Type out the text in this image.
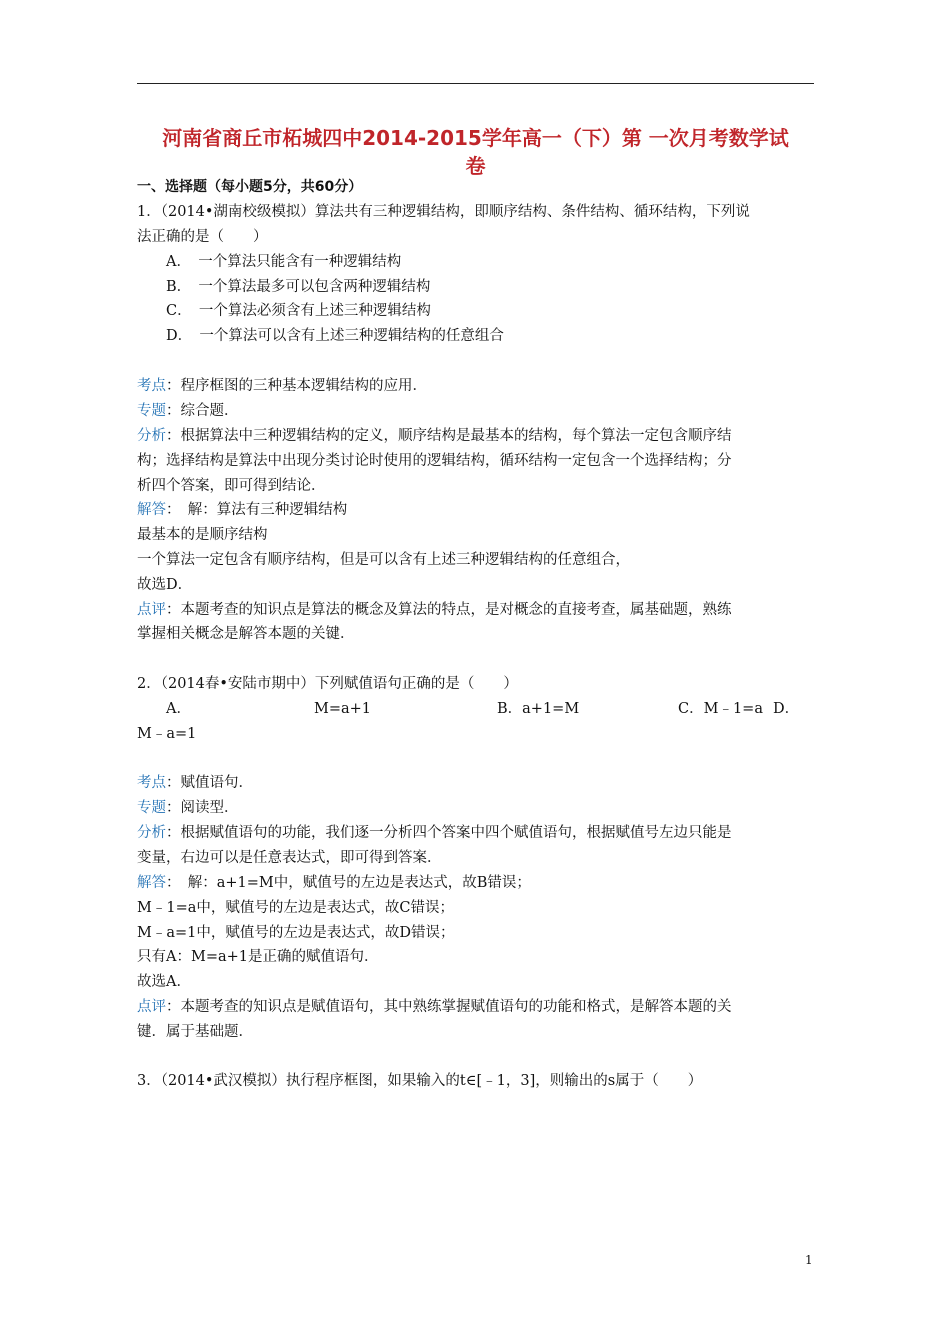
河南省商丘市柘城四中2014-2015学年高一（下）第 一次月考数学试
卷
一、选择题（每小题5分，共60分）
1．（2014•湖南校级模拟）算法共有三种逻辑结构，即顺序结构、条件结构、循环结构，下列说
法正确的是（　　）
A．　一个算法只能含有一种逻辑结构
B．　一个算法最多可以包含两种逻辑结构
C．　一个算法必须含有上述三种逻辑结构
D．　一个算法可以含有上述三种逻辑结构的任意组合
考点：程序框图的三种基本逻辑结构的应用．
专题：综合题．
分析：根据算法中三种逻辑结构的定义，顺序结构是最基本的结构，每个算法一定包含顺序结
构；选择结构是算法中出现分类讨论时使用的逻辑结构，循环结构一定包含一个选择结构；分
析四个答案，即可得到结论．
解答：　解：算法有三种逻辑结构
最基本的是顺序结构
一个算法一定包含有顺序结构，但是可以含有上述三种逻辑结构的任意组合，
故选D．
点评：本题考查的知识点是算法的概念及算法的特点，是对概念的直接考查，属基础题，熟练
掌握相关概念是解答本题的关键．
2．（2014春•安陆市期中）下列赋值语句正确的是（　　）
A．	M=a+1	B．a+1=M	C．M﹣1=a D．
M﹣a=1
考点：赋值语句．
专题：阅读型．
分析：根据赋值语句的功能，我们逐一分析四个答案中四个赋值语句，根据赋值号左边只能是
变量，右边可以是任意表达式，即可得到答案．
解答：　解：a+1=M中，赋值号的左边是表达式，故B错误；
M﹣1=a中，赋值号的左边是表达式，故C错误；
M﹣a=1中，赋值号的左边是表达式，故D错误；
只有A：M=a+1是正确的赋值语句．
故选A．
点评：本题考查的知识点是赋值语句，其中熟练掌握赋值语句的功能和格式，是解答本题的关
键．属于基础题．
3．（2014•武汉模拟）执行程序框图，如果输入的t∈[﹣1，3]，则输出的s属于（　　）
1
